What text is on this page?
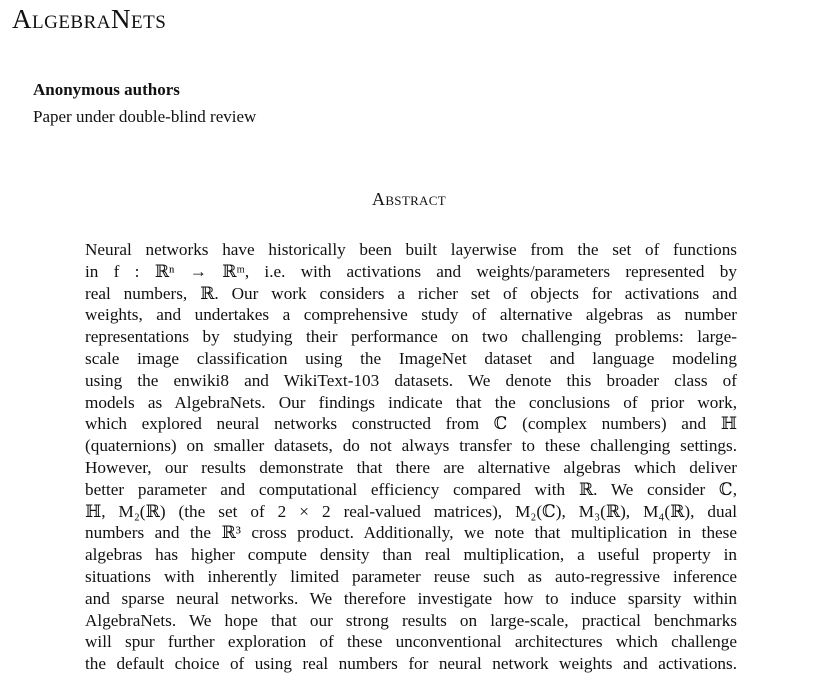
AlgebraNets
Anonymous authors
Paper under double-blind review
Abstract
Neural networks have historically been built layerwise from the set of functions
in f : ℝⁿ → ℝᵐ, i.e. with activations and weights/parameters represented by
real numbers, ℝ. Our work considers a richer set of objects for activations and
weights, and undertakes a comprehensive study of alternative algebras as number
representations by studying their performance on two challenging problems: large-
scale image classification using the ImageNet dataset and language modeling
using the enwiki8 and WikiText-103 datasets. We denote this broader class of
models as AlgebraNets. Our findings indicate that the conclusions of prior work,
which explored neural networks constructed from ℂ (complex numbers) and ℍ
(quaternions) on smaller datasets, do not always transfer to these challenging settings.
However, our results demonstrate that there are alternative algebras which deliver
better parameter and computational efficiency compared with ℝ. We consider ℂ,
ℍ, M₂(ℝ) (the set of 2 × 2 real-valued matrices), M₂(ℂ), M₃(ℝ), M₄(ℝ), dual
numbers and the ℝ³ cross product. Additionally, we note that multiplication in these
algebras has higher compute density than real multiplication, a useful property in
situations with inherently limited parameter reuse such as auto-regressive inference
and sparse neural networks. We therefore investigate how to induce sparsity within
AlgebraNets. We hope that our strong results on large-scale, practical benchmarks
will spur further exploration of these unconventional architectures which challenge
the default choice of using real numbers for neural network weights and activations.
